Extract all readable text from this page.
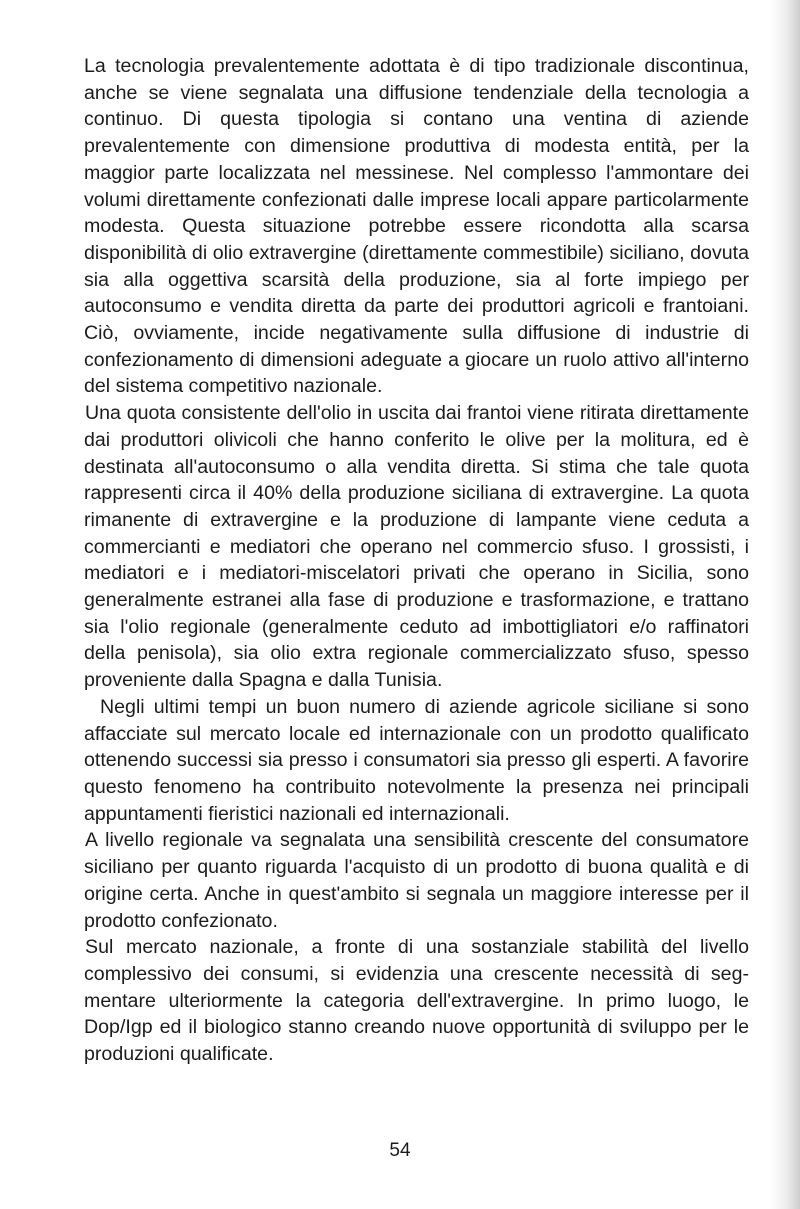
La tecnologia prevalentemente adottata è di tipo tradizionale discontinua, anche se viene segnalata una diffusione tendenziale della tecnologia a continuo. Di questa tipologia si contano una ventina di aziende prevalentemente con dimensione produttiva di modesta entità, per la maggior parte localizzata nel messinese. Nel complesso l'ammontare dei volumi direttamente confezionati dalle imprese locali appare particolarmente modesta. Questa situazione potrebbe essere ricondotta alla scarsa disponibilità di olio extravergine (direttamente commestibile) siciliano, dovuta sia alla oggettiva scarsità della produzione, sia al forte impiego per autoconsumo e vendita diretta da parte dei produttori agricoli e frantoiani. Ciò, ovviamente, incide negativamente sulla diffusione di industrie di confezionamento di dimensioni adeguate a giocare un ruolo attivo all'interno del sistema competitivo nazionale.

Una quota consistente dell'olio in uscita dai frantoi viene ritirata direttamente dai produttori olivicoli che hanno conferito le olive per la molitura, ed è destinata all'autoconsumo o alla vendita diretta. Si stima che tale quota rappresenti circa il 40% della produzione siciliana di extravergine. La quota rimanente di extravergine e la produzione di lampante viene ceduta a commercianti e mediatori che operano nel commercio sfuso. I grossisti, i mediatori e i mediatori-miscelatori privati che operano in Sicilia, sono generalmente estranei alla fase di produzione e trasformazione, e trattano sia l'olio regionale (generalmente ceduto ad imbottigliatori e/o raffinatori della penisola), sia olio extra regionale commercializzato sfuso, spesso proveniente dalla Spagna e dalla Tunisia.

Negli ultimi tempi un buon numero di aziende agricole siciliane si sono affacciate sul mercato locale ed internazionale con un prodotto qualificato ottenendo successi sia presso i consumatori sia presso gli esperti. A favorire questo fenomeno ha contribuito notevolmente la presenza nei principali appuntamenti fieristici nazionali ed internazionali.

A livello regionale va segnalata una sensibilità crescente del consumatore siciliano per quanto riguarda l'acquisto di un prodotto di buona qualità e di origine certa. Anche in quest'ambito si segnala un maggiore interesse per il prodotto confezionato.

Sul mercato nazionale, a fronte di una sostanziale stabilità del livello complessivo dei consumi, si evidenzia una crescente necessità di segmentare ulteriormente la categoria dell'extravergine. In primo luogo, le Dop/Igp ed il biologico stanno creando nuove opportunità di sviluppo per le produzioni qualificate.

54
